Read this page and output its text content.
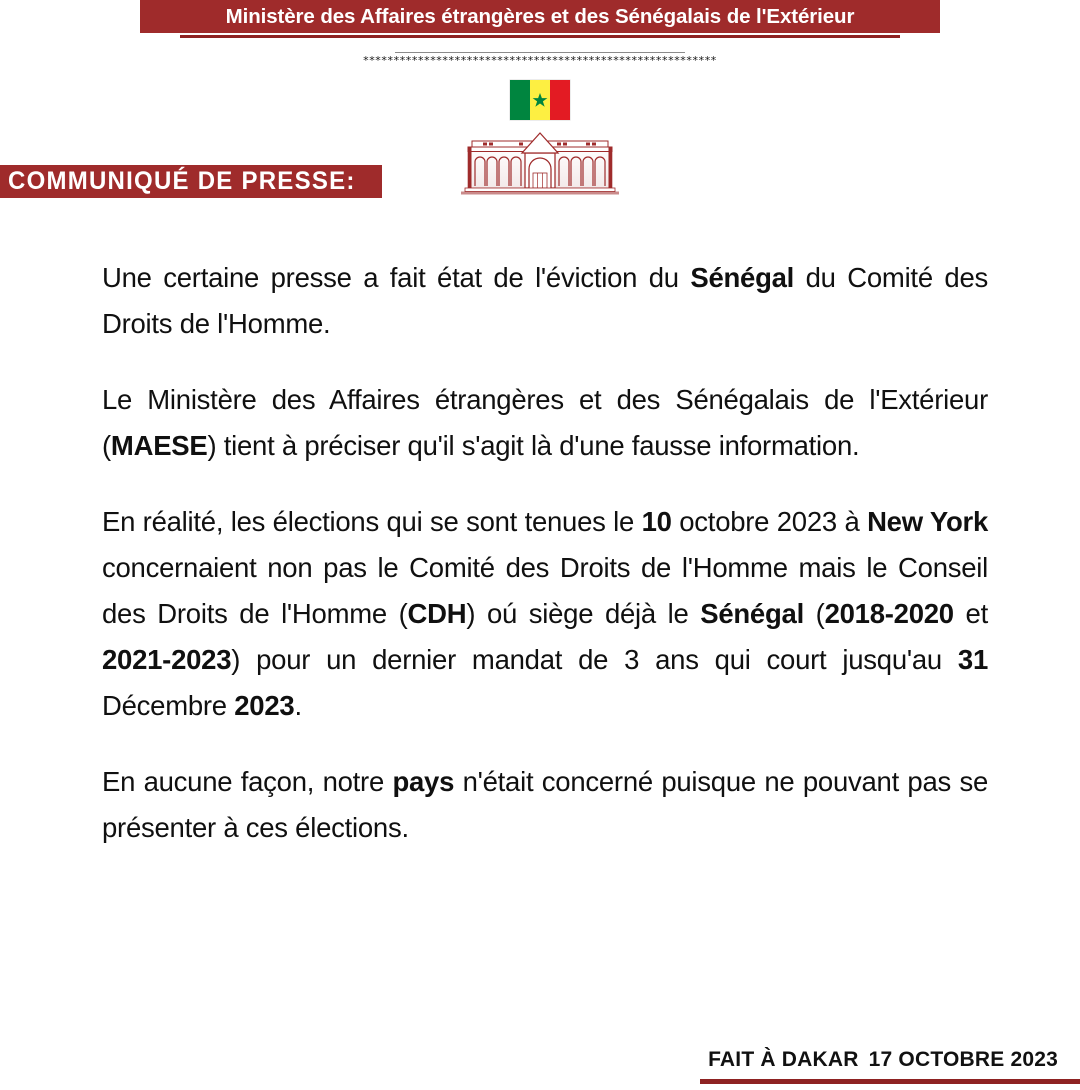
Ministère des Affaires étrangères et des Sénégalais de l'Extérieur
**********************************************************
COMMUNIQUÉ DE PRESSE:

Une certaine presse a fait état de l'éviction du Sénégal du Comité des Droits de l'Homme.

Le Ministère des Affaires étrangères et des Sénégalais de l'Extérieur (MAESE) tient à préciser qu'il s'agit là d'une fausse information.

En réalité, les élections qui se sont tenues le 10 octobre 2023 à New York concernaient non pas le Comité des Droits de l'Homme mais le Conseil des Droits de l'Homme (CDH) oú siège déjà le Sénégal (2018-2020 et 2021-2023) pour un dernier mandat de 3 ans qui court jusqu'au 31 Décembre 2023.

En aucune façon, notre pays n'était concerné puisque ne pouvant pas se présenter à ces élections.

FAIT À DAKAR 17 OCTOBRE 2023
